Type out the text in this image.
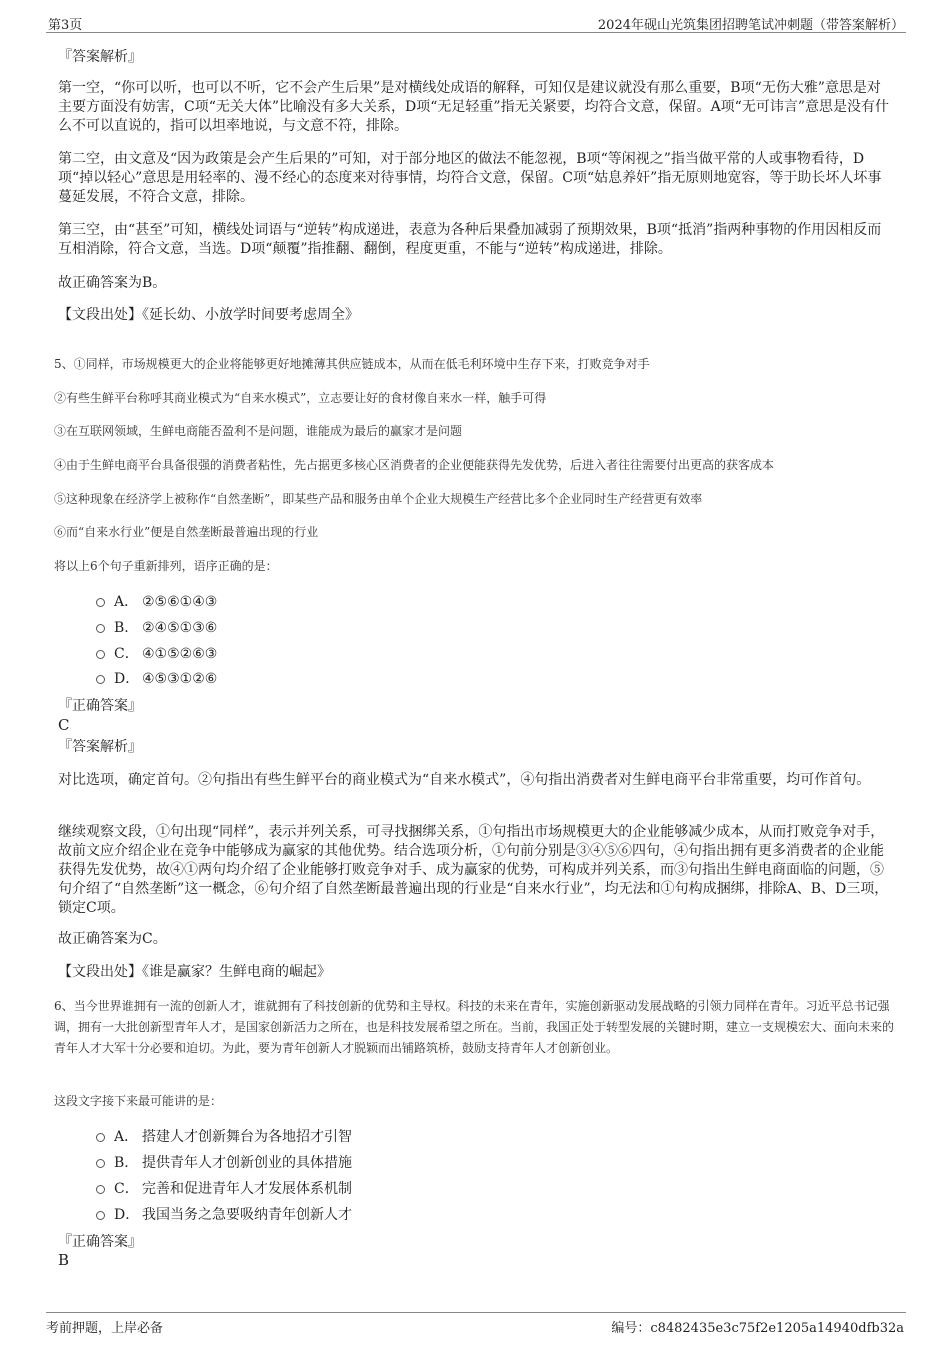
第3页	2024年砚山光筑集团招聘笔试冲刺题（带答案解析）

『答案解析』

第一空，“你可以听，也可以不听，它不会产生后果”是对横线处成语的解释，可知仅是建议就没有那么重要，B项“无伤大雅”意思是对主要方面没有妨害，C项“无关大体”比喻没有多大关系，D项“无足轻重”指无关紧要，均符合文意，保留。A项“无可讳言”意思是没有什么不可以直说的，指可以坦率地说，与文意不符，排除。

第二空，由文意及“因为政策是会产生后果的”可知，对于部分地区的做法不能忽视，B项“等闲视之”指当做平常的人或事物看待，D项“掉以轻心”意思是用轻率的、漫不经心的态度来对待事情，均符合文意，保留。C项“姑息养奸”指无原则地宽容，等于助长坏人坏事蔓延发展，不符合文意，排除。

第三空，由“甚至”可知，横线处词语与“逆转”构成递进，表意为各种后果叠加减弱了预期效果，B项“抵消”指两种事物的作用因相反而互相消除，符合文意，当选。D项“颠覆”指推翻、翻倒，程度更重，不能与“逆转”构成递进，排除。

故正确答案为B。

【文段出处】《延长幼、小放学时间要考虑周全》

5、①同样，市场规模更大的企业将能够更好地摊薄其供应链成本，从而在低毛利环境中生存下来，打败竞争对手

②有些生鲜平台称呼其商业模式为“自来水模式”，立志要让好的食材像自来水一样，触手可得

③在互联网领域，生鲜电商能否盈利不是问题，谁能成为最后的赢家才是问题

④由于生鲜电商平台具备很强的消费者粘性，先占据更多核心区消费者的企业便能获得先发优势，后进入者往往需要付出更高的获客成本

⑤这种现象在经济学上被称作“自然垄断”，即某些产品和服务由单个企业大规模生产经营比多个企业同时生产经营更有效率

⑥而“自来水行业”便是自然垄断最普遍出现的行业

将以上6个句子重新排列，语序正确的是：

A． ②⑤⑥①④③
B. ②④⑤①③⑥
C． ④①⑤②⑥③
D． ④⑤③①②⑥

『正确答案』

C

『答案解析』

对比选项，确定首句。②句指出有些生鲜平台的商业模式为“自来水模式”，④句指出消费者对生鲜电商平台非常重要，均可作首句。

继续观察文段，①句出现“同样”，表示并列关系，可寻找捆绑关系，①句指出市场规模更大的企业能够减少成本，从而打败竞争对手，故前文应介绍企业在竞争中能够成为赢家的其他优势。结合选项分析，①句前分别是③④⑤⑥四句，④句指出拥有更多消费者的企业能获得先发优势，故④①两句均介绍了企业能够打败竞争对手、成为赢家的优势，可构成并列关系，而③句指出生鲜电商面临的问题，⑤句介绍了“自然垄断”这一概念，⑥句介绍了自然垄断最普遍出现的行业是“自来水行业”，均无法和①句构成捆绑，排除A、B、D三项，锁定C项。

故正确答案为C。

【文段出处】《谁是赢家？生鲜电商的崛起》

6、当今世界谁拥有一流的创新人才，谁就拥有了科技创新的优势和主导权。科技的未来在青年，实施创新驱动发展战略的引领力同样在青年。习近平总书记强调，拥有一大批创新型青年人才，是国家创新活力之所在，也是科技发展希望之所在。当前，我国正处于转型发展的关键时期，建立一支规模宏大、面向未来的青年人才大军十分必要和迫切。为此，要为青年创新人才脱颖而出铺路筑桥，鼓励支持青年人才创新创业。

这段文字接下来最可能讲的是：

A． 搭建人才创新舞台为各地招才引智
B. 提供青年人才创新创业的具体措施
C． 完善和促进青年人才发展体系机制
D． 我国当务之急要吸纳青年创新人才

『正确答案』

B
考前押题，上岸必备	编号：c8482435e3c75f2e1205a14940dfb32a
